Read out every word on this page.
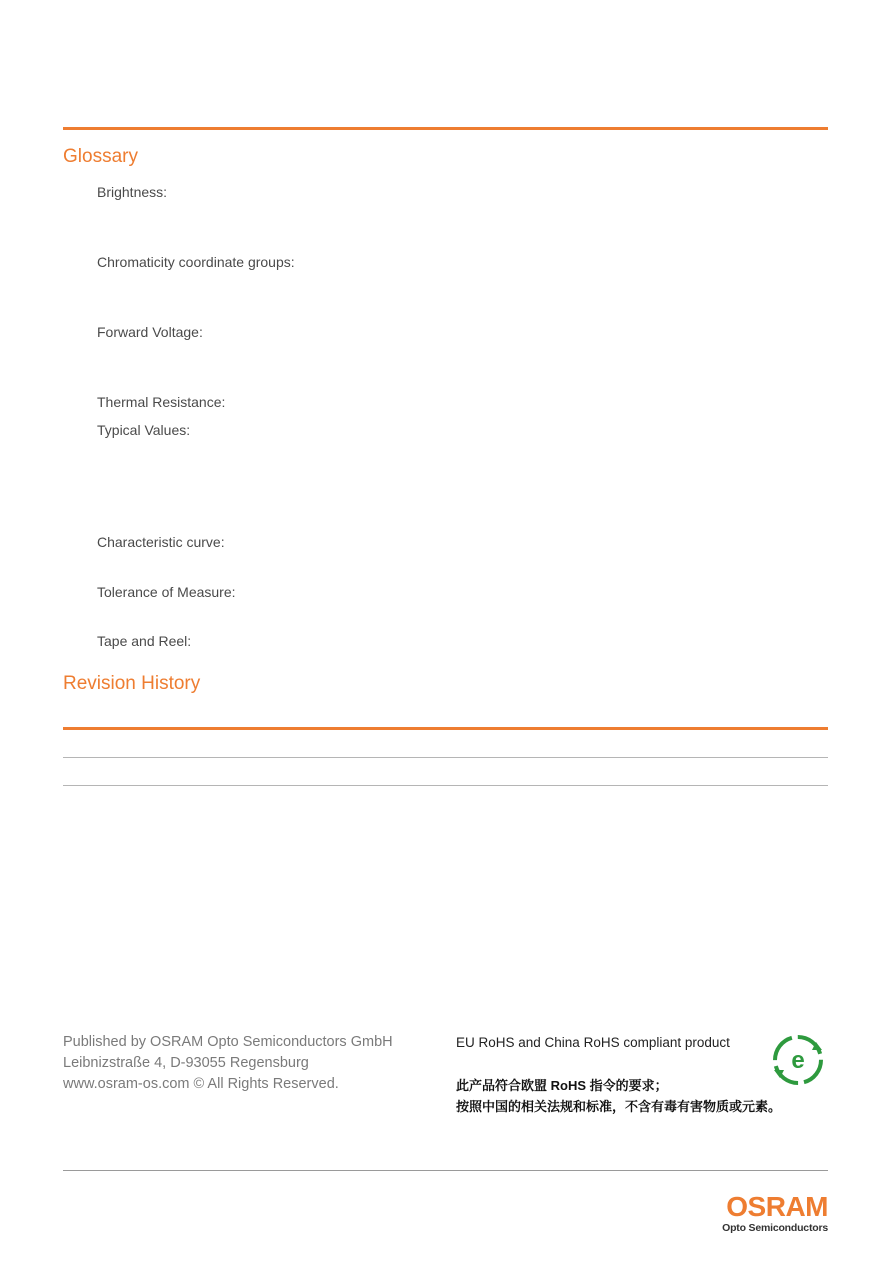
Glossary
Brightness:
Chromaticity coordinate groups:
Forward Voltage:
Thermal Resistance:
Typical Values:
Characteristic curve:
Tolerance of Measure:
Tape and Reel:
Revision History
Published by OSRAM Opto Semiconductors GmbH
Leibnizstraße 4, D-93055 Regensburg
www.osram-os.com © All Rights Reserved.
EU RoHS and China RoHS compliant product
此产品符合欧盟 RoHS 指令的要求；
按照中国的相关法规和标准，不含有毒有害物质或元素。
e
OSRAM
Opto Semiconductors
